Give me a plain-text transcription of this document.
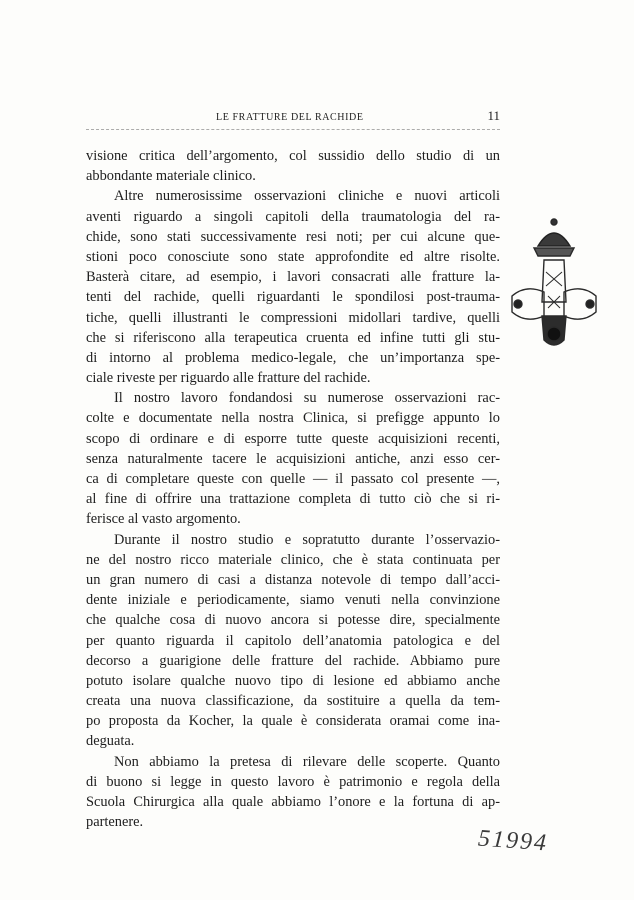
LE FRATTURE DEL RACHIDE	11
visione critica dell’argomento, col sussidio dello studio di un
abbondante materiale clinico.
Altre numerosissime osservazioni cliniche e nuovi articoli
aventi riguardo a singoli capitoli della traumatologia del ra-
chide, sono stati successivamente resi noti; per cui alcune que-
stioni poco conosciute sono state approfondite ed altre risolte.
Basterà citare, ad esempio, i lavori consacrati alle fratture la-
tenti del rachide, quelli riguardanti le spondilosi post-trauma-
tiche, quelli illustranti le compressioni midollari tardive, quelli
che si riferiscono alla terapeutica cruenta ed infine tutti gli stu-
di intorno al problema medico-legale, che un’importanza spe-
ciale riveste per riguardo alle fratture del rachide.
Il nostro lavoro fondandosi su numerose osservazioni rac-
colte e documentate nella nostra Clinica, si prefigge appunto lo
scopo di ordinare e di esporre tutte queste acquisizioni recenti,
senza naturalmente tacere le acquisizioni antiche, anzi esso cer-
ca di completare queste con quelle — il passato col presente —,
al fine di offrire una trattazione completa di tutto ciò che si ri-
ferisce al vasto argomento.
Durante il nostro studio e sopratutto durante l’osservazio-
ne del nostro ricco materiale clinico, che è stata continuata per
un gran numero di casi a distanza notevole di tempo dall’acci-
dente iniziale e periodicamente, siamo venuti nella convinzione
che qualche cosa di nuovo ancora si potesse dire, specialmente
per quanto riguarda il capitolo dell’anatomia patologica e del
decorso a guarigione delle fratture del rachide. Abbiamo pure
potuto isolare qualche nuovo tipo di lesione ed abbiamo anche
creata una nuova classificazione, da sostituire a quella da tem-
po proposta da Kocher, la quale è considerata oramai come ina-
deguata.
Non abbiamo la pretesa di rilevare delle scoperte. Quanto
di buono si legge in questo lavoro è patrimonio e regola della
Scuola Chirurgica alla quale abbiamo l’onore e la fortuna di ap-
partenere.
51994
